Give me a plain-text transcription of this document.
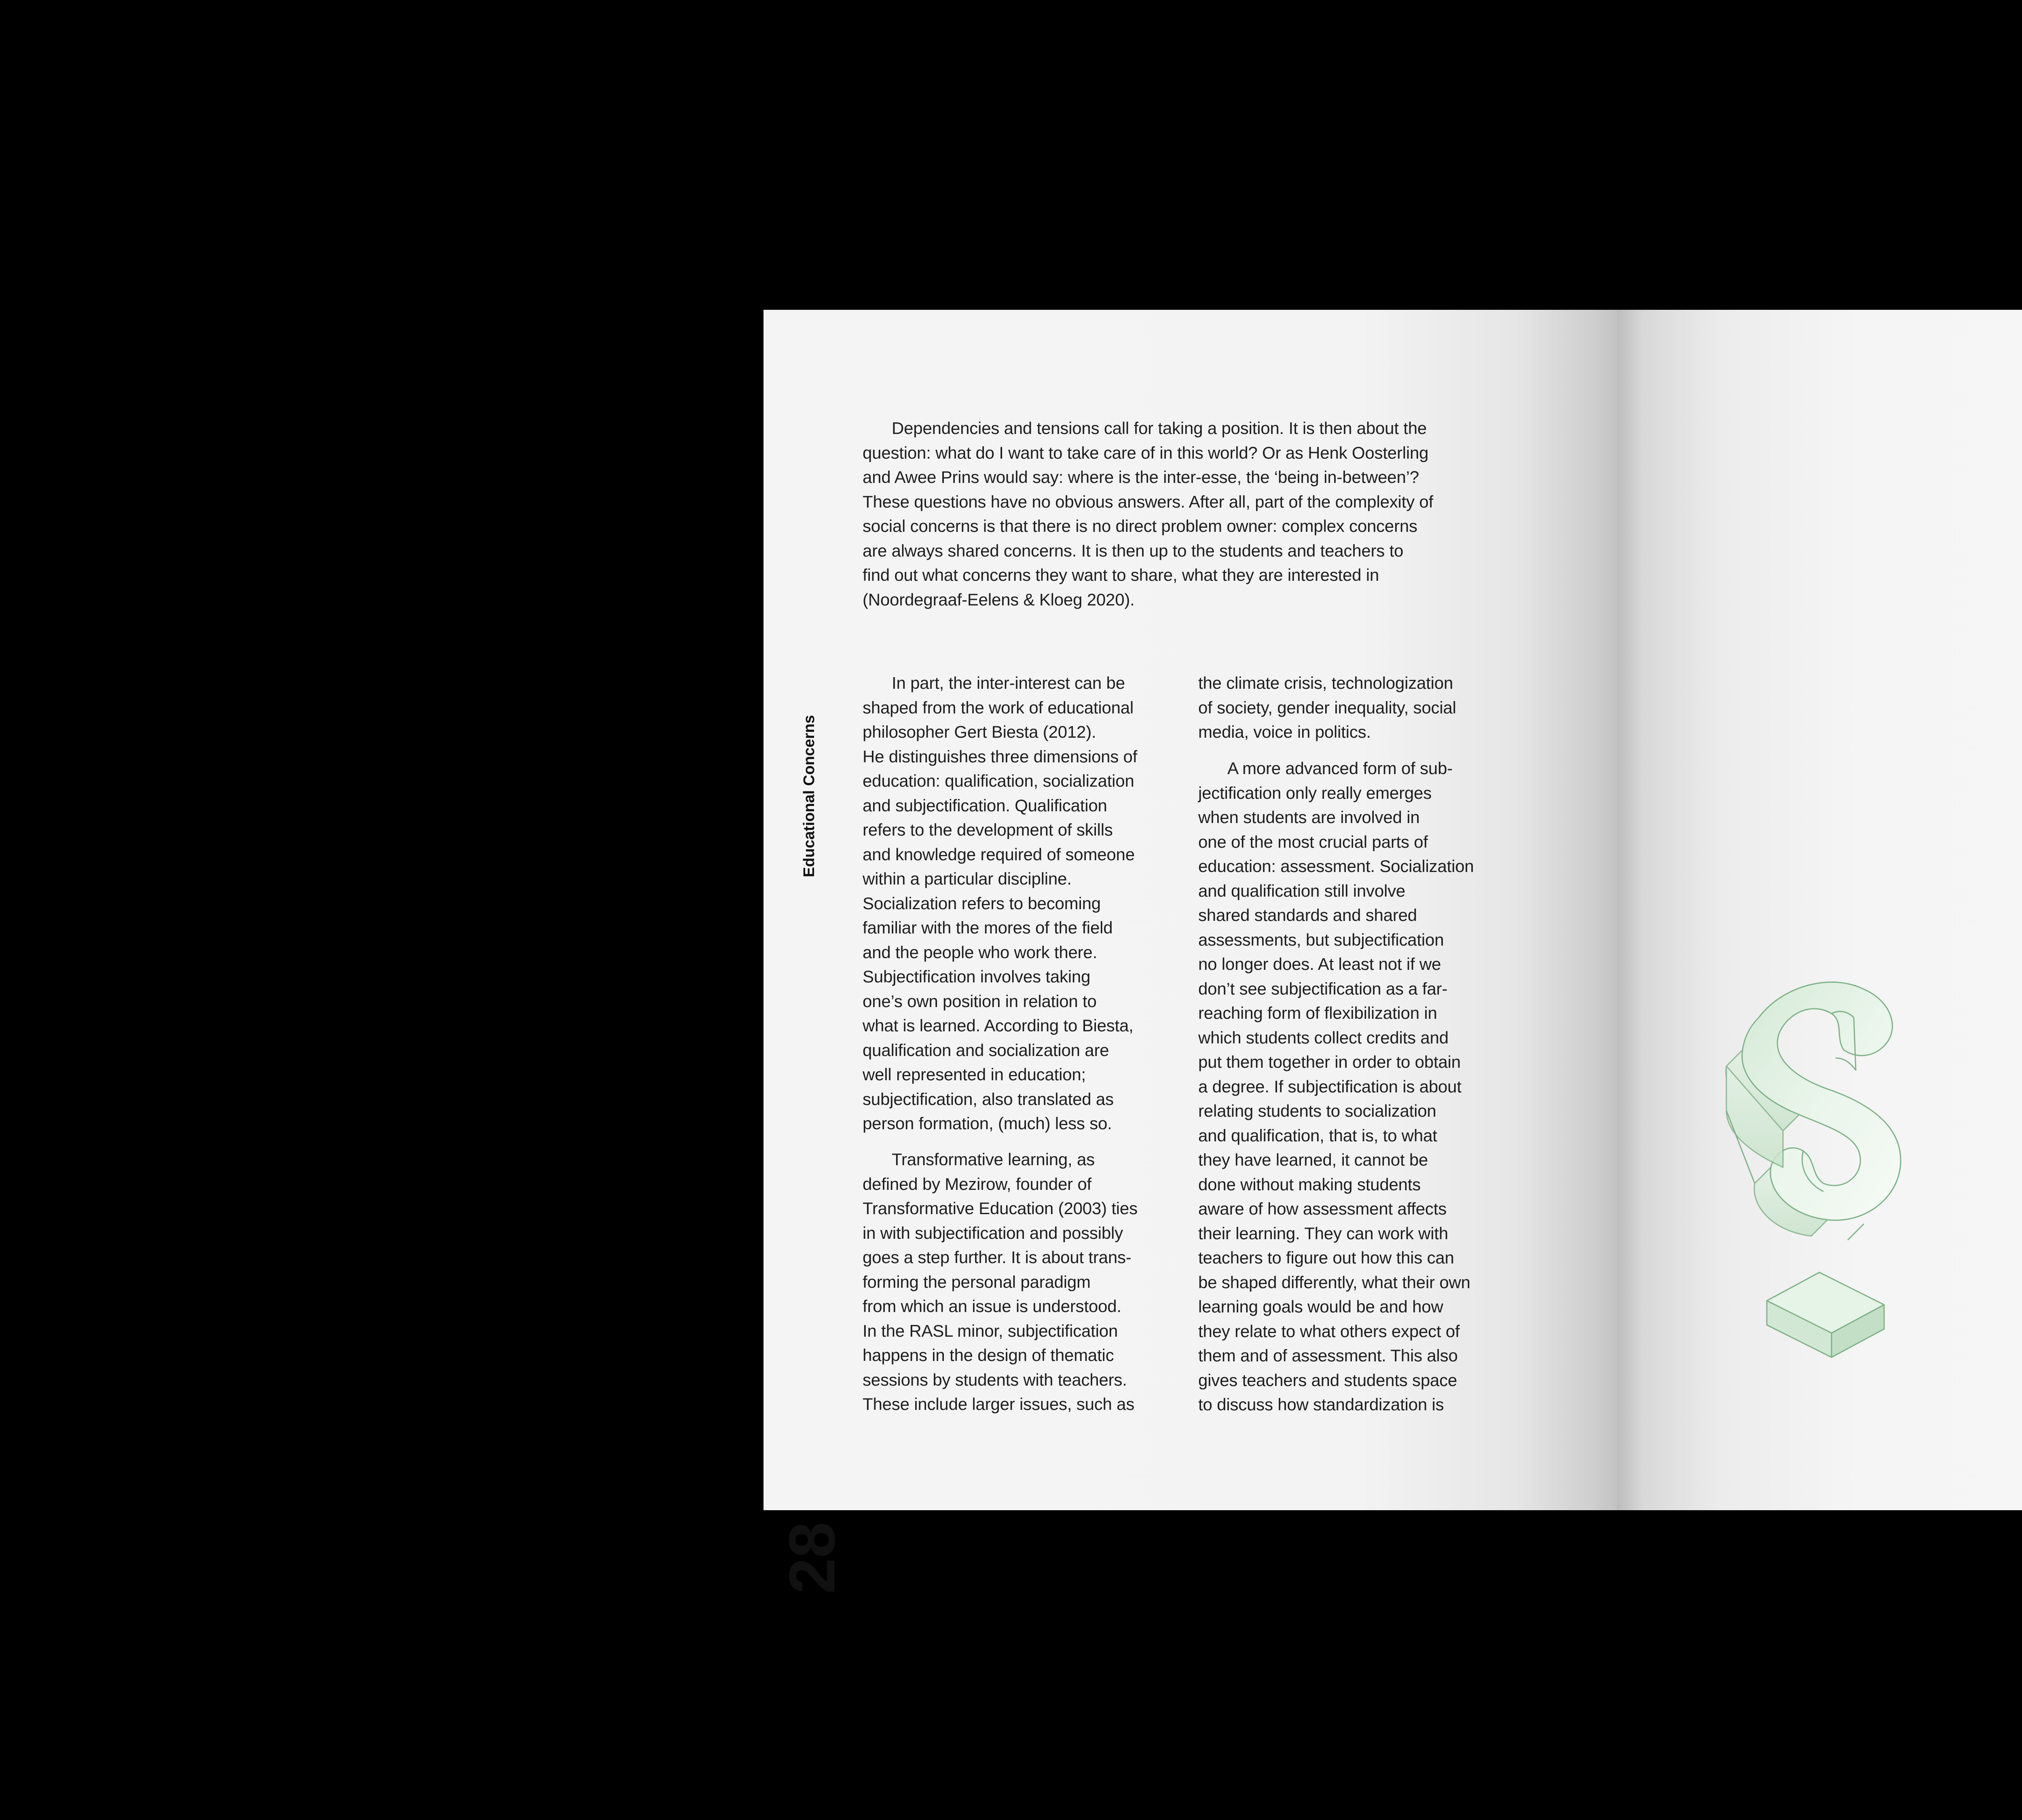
28
Educational Concerns

Dependencies and tensions call for taking a position. It is then about the
question: what do I want to take care of in this world? Or as Henk Oosterling
and Awee Prins would say: where is the inter-esse, the ‘being in-between’?
These questions have no obvious answers. After all, part of the complexity of
social concerns is that there is no direct problem owner: complex concerns
are always shared concerns. It is then up to the students and teachers to
find out what concerns they want to share, what they are interested in
(Noordegraaf-Eelens & Kloeg 2020).

In part, the inter-interest can be
shaped from the work of educational
philosopher Gert Biesta (2012).
He distinguishes three dimensions of
education: qualification, socialization
and subjectification. Qualification
refers to the development of skills
and knowledge required of someone
within a particular discipline.
Socialization refers to becoming
familiar with the mores of the field
and the people who work there.
Subjectification involves taking
one’s own position in relation to
what is learned. According to Biesta,
qualification and socialization are
well represented in education;
subjectification, also translated as
person formation, (much) less so.

Transformative learning, as
defined by Mezirow, founder of
Transformative Education (2003) ties
in with subjectification and possibly
goes a step further. It is about trans-
forming the personal paradigm
from which an issue is understood.
In the RASL minor, subjectification
happens in the design of thematic
sessions by students with teachers.
These include larger issues, such as

the climate crisis, technologization
of society, gender inequality, social
media, voice in politics.

A more advanced form of sub-
jectification only really emerges
when students are involved in
one of the most crucial parts of
education: assessment. Socialization
and qualification still involve
shared standards and shared
assessments, but subjectification
no longer does. At least not if we
don’t see subjectification as a far-
reaching form of flexibilization in
which students collect credits and
put them together in order to obtain
a degree. If subjectification is about
relating students to socialization
and qualification, that is, to what
they have learned, it cannot be
done without making students
aware of how assessment affects
their learning. They can work with
teachers to figure out how this can
be shaped differently, what their own
learning goals would be and how
they relate to what others expect of
them and of assessment. This also
gives teachers and students space
to discuss how standardization is
